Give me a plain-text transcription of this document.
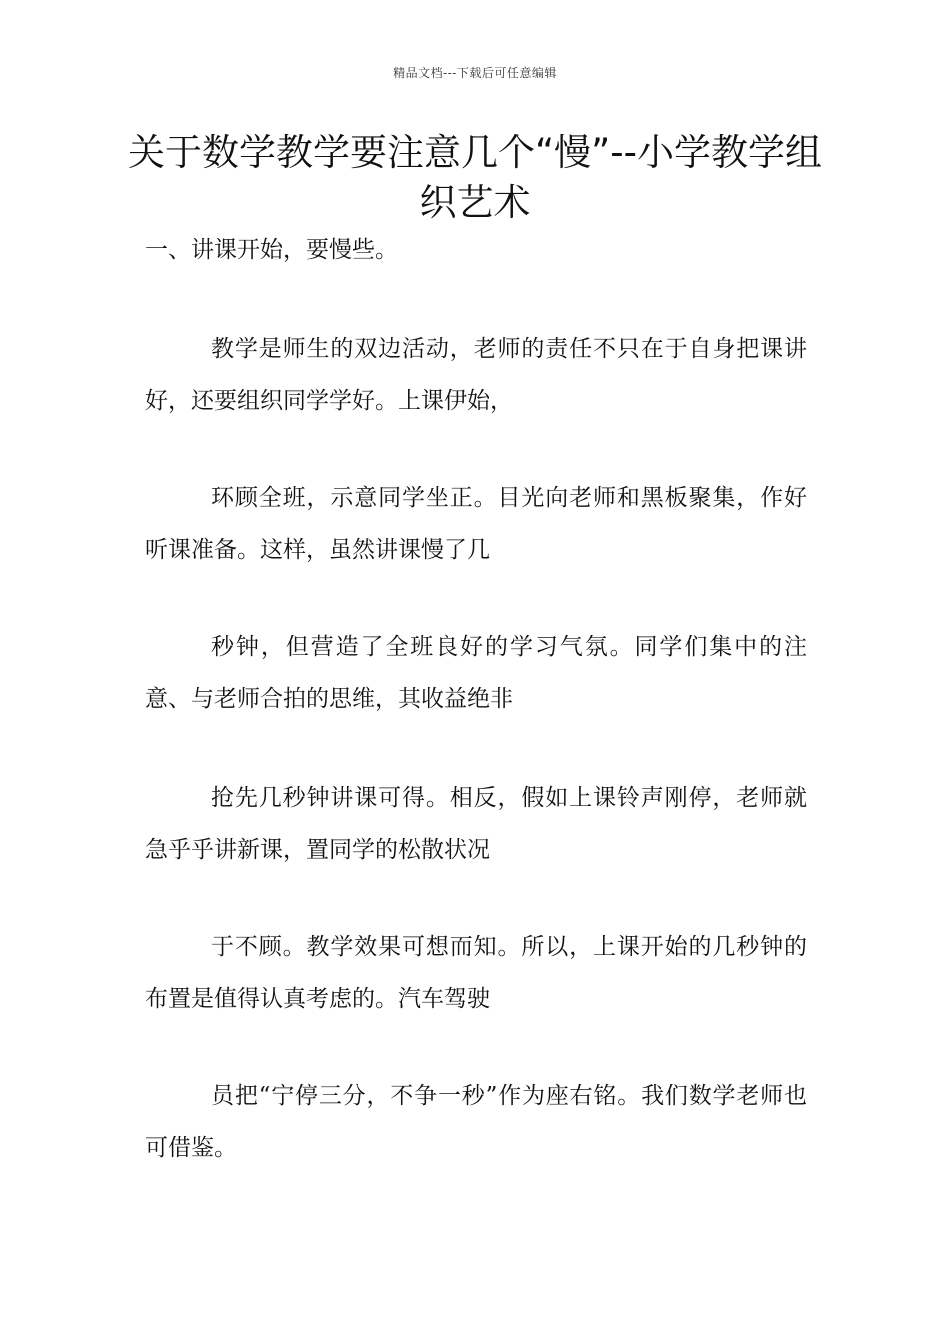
精品文档---下载后可任意编辑
关于数学教学要注意几个“慢”--小学教学组织艺术
一、讲课开始，要慢些。

教学是师生的双边活动，老师的责任不只在于自身把课讲好，还要组织同学学好。上课伊始，

环顾全班，示意同学坐正。目光向老师和黑板聚集，作好听课准备。这样，虽然讲课慢了几

秒钟，但营造了全班良好的学习气氛。同学们集中的注意、与老师合拍的思维，其收益绝非

抢先几秒钟讲课可得。相反，假如上课铃声刚停，老师就急乎乎讲新课，置同学的松散状况

于不顾。教学效果可想而知。所以，上课开始的几秒钟的布置是值得认真考虑的。汽车驾驶

员把“宁停三分，不争一秒”作为座右铭。我们数学老师也可借鉴。
